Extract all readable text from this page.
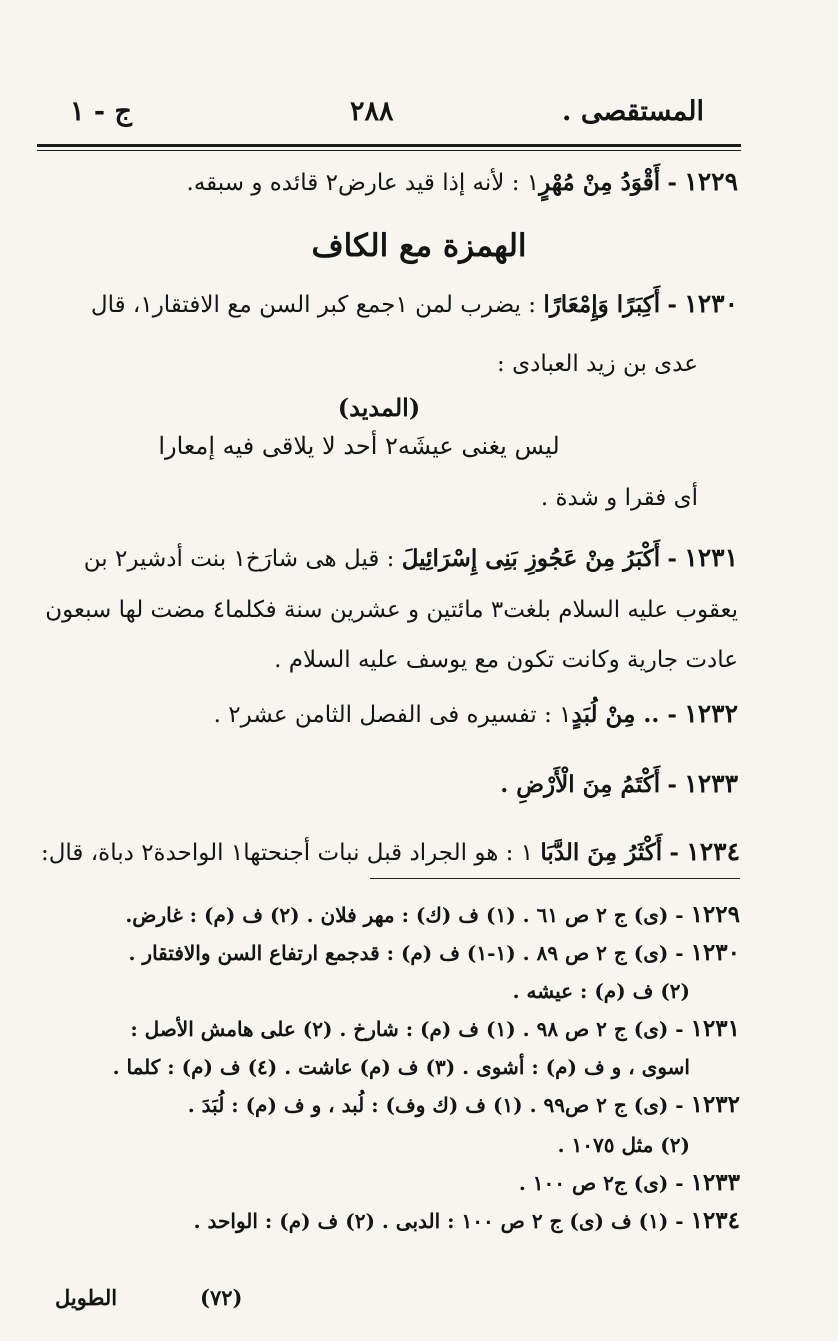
المستقصى .
٢٨٨
ج - ١
١٢٢٩ - أَقْوَدُ مِنْ مُهْرٍ١ : لأنه إذا قيد عارض٢ قائده و سبقه.
الهمزة مع الكاف
١٢٣٠ - أَكِبَرًا وَإِمْعَارًا : يضرب لمن ١جمع كبر السن مع الافتقار١، قال
عدى بن زيد العبادى :
(المديد)
ليس يغنى عيشَه٢ أحد لا يلاقى فيه إمعارا
أى فقرا و شدة .
١٢٣١ - أَكْبَرُ مِنْ عَجُوزِ بَنِى إِسْرَائِيلَ : قيل هى شارَخ١ بنت أدشير٢ بن
يعقوب عليه السلام بلغت٣ مائتين و عشرين سنة فكلما٤ مضت لها سبعون
عادت جارية وكانت تكون مع يوسف عليه السلام .
١٢٣٢ - .. مِنْ لُبَدٍ١ : تفسيره فى الفصل الثامن عشر٢ .
١٢٣٣ - أَكْتَمُ مِنَ الْأَرْضِ .
١٢٣٤ - أَكْثَرُ مِنَ الدَّبَا ١ : هو الجراد قبل نبات أجنحتها١ الواحدة٢ دباة، قال:
١٢٢٩ - (ى) ج ٢ ص ٦١ . (١) ف (ك) : مهر فلان . (٢) ف (م) : غارض.
١٢٣٠ - (ى) ج ٢ ص ٨٩ . (١-١) ف (م) : قدجمع ارتفاع السن والافتقار .
(٢) ف (م) : عيشه .
١٢٣١ - (ى) ج ٢ ص ٩٨ . (١) ف (م) : شارخ . (٢) على هامش الأصل :
اسوى ، و ف (م) : أشوى . (٣) ف (م) عاشت . (٤) ف (م) : كلما .
١٢٣٢ - (ى) ج ٢ ص٩٩ . (١) ف (ك وف) : لُبد ، و ف (م) : لُبَدَ .
(٢) مثل ١٠٧٥ .
١٢٣٣ - (ى) ج٢ ص ١٠٠ .
١٢٣٤ - (١) ف (ى) ج ٢ ص ١٠٠ : الدبى . (٢) ف (م) : الواحد .
الطويل	(٧٢)
